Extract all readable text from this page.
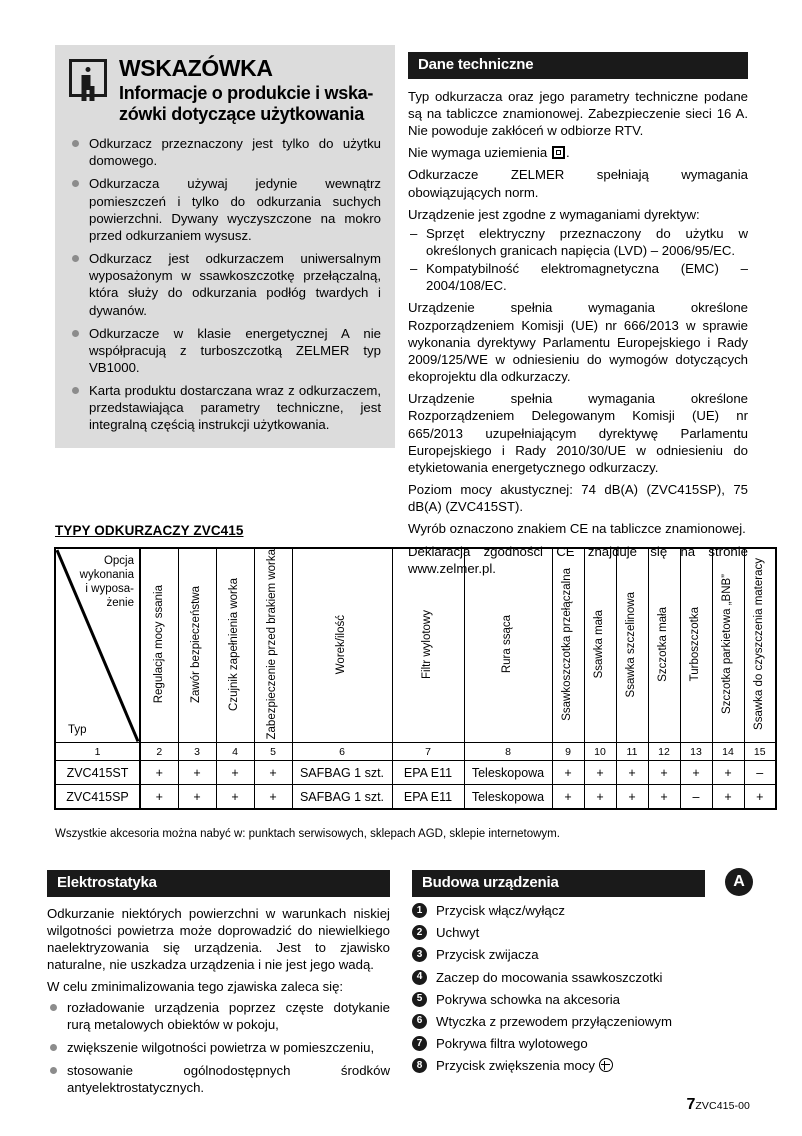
WSKAZÓWKA
Informacje o produkcie i wska-
zówki dotyczące użytkowania
Odkurzacz przeznaczony jest tylko do użytku domowego.
Odkurzacza używaj jedynie wewnątrz pomieszczeń i tylko do odkurzania suchych powierzchni. Dywany wyczyszczone na mokro przed odkurzaniem wysusz.
Odkurzacz jest odkurzaczem uniwersalnym wyposażonym w ssawkoszczotkę przełączalną, która służy do odkurzania podłóg twardych i dywanów.
Odkurzacze w klasie energetycznej A nie współpracują z turboszczotką ZELMER typ VB1000.
Karta produktu dostarczana wraz z odkurzaczem, przedstawiająca parametry techniczne, jest integralną częścią instrukcji użytkowania.
Dane techniczne

Typ odkurzacza oraz jego parametry techniczne podane są na tabliczce znamionowej. Zabezpieczenie sieci 16 A. Nie powoduje zakłóceń w odbiorze RTV.

Nie wymaga uziemienia .

Odkurzacze ZELMER spełniają wymagania obowiązujących norm.

Urządzenie jest zgodne z wymaganiami dyrektyw:

– Sprzęt elektryczny przeznaczony do użytku w określonych granicach napięcia (LVD) – 2006/95/EC.
– Kompatybilność elektromagnetyczna (EMC) – 2004/108/EC.

Urządzenie spełnia wymagania określone Rozporządzeniem Komisji (UE) nr 666/2013 w sprawie wykonania dyrektywy Parlamentu Europejskiego i Rady 2009/125/WE w odniesieniu do wymogów dotyczących ekoprojektu dla odkurzaczy.

Urządzenie spełnia wymagania określone Rozporządzeniem Delegowanym Komisji (UE) nr 665/2013 uzupełniającym dyrektywę Parlamentu Europejskiego i Rady 2010/30/UE w odniesieniu do etykietowania energetycznego odkurzaczy.

Poziom mocy akustycznej: 74 dB(A) (ZVC415SP), 75 dB(A) (ZVC415ST).

Wyrób oznaczono znakiem CE na tabliczce znamionowej.

Deklaracja zgodności CE znajduje się na stronie www.zelmer.pl.

TYPY ODKURZACZY ZVC415
Opcja
wykonania
i wyposa-
żenie
Typ	Regulacja mocy ssania	Zawór bezpieczeństwa	Czujnik zapełnienia worka	Zabezpieczenie przed brakiem worka	Worek/ilość	Filtr wylotowy	Rura ssąca	Ssawkoszczotka przełączalna	Ssawka mała	Ssawka szczelinowa	Szczotka mała	Turboszczotka	Szczotka parkietowa „BNB”	Ssawka do czyszczenia materacy
1	2	3	4	5	6	7	8	9	10	11	12	13	14	15
ZVC415ST	+	+	+	+	SAFBAG 1 szt.	EPA E11	Teleskopowa	+	+	+	+	+	+	–
ZVC415SP	+	+	+	+	SAFBAG 1 szt.	EPA E11	Teleskopowa	+	+	+	+	–	+	+
Wszystkie akcesoria można nabyć w: punktach serwisowych, sklepach AGD, sklepie internetowym.
Elektrostatyka

Odkurzanie niektórych powierzchni w warunkach niskiej wilgotności powietrza może doprowadzić do niewielkiego naelektryzowania się urządzenia. Jest to zjawisko naturalne, nie uszkadza urządzenia i nie jest jego wadą.

W celu zminimalizowania tego zjawiska zaleca się:

rozładowanie urządzenia poprzez częste dotykanie rurą metalowych obiektów w pokoju,
zwiększenie wilgotności powietrza w pomieszczeniu,
stosowanie ogólnodostępnych środków antyelektrostatycznych.
Budowa urządzenia	A
1	Przycisk włącz/wyłącz
2	Uchwyt
3	Przycisk zwijacza
4	Zaczep do mocowania ssawkoszczotki
5	Pokrywa schowka na akcesoria
6	Wtyczka z przewodem przyłączeniowym
7	Pokrywa filtra wylotowego
8	Przycisk zwiększenia mocy
7ZVC415-00
